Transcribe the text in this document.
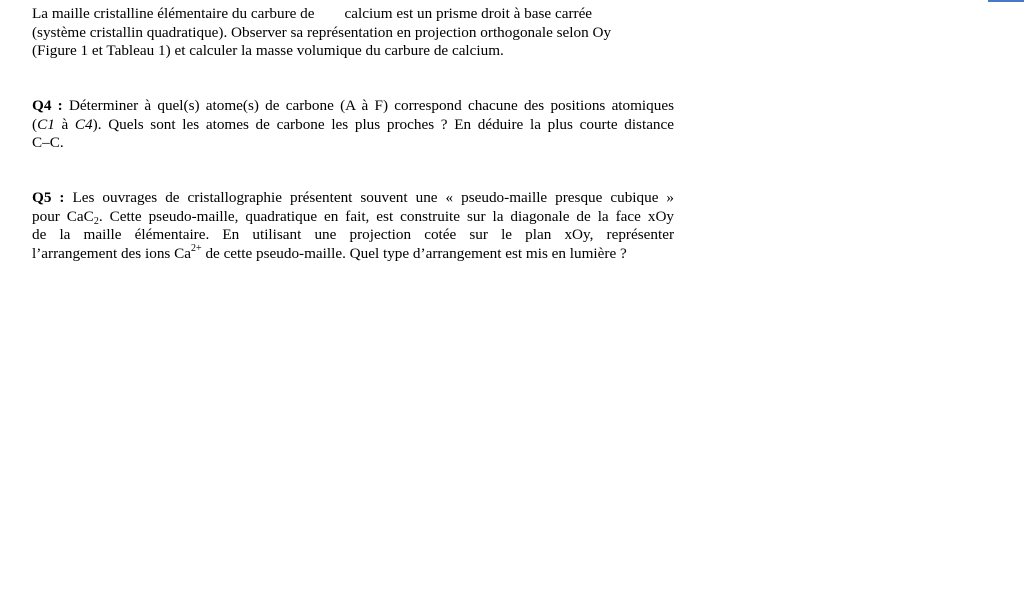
La maille cristalline élémentaire du carbure de calcium est un prisme droit à base carrée
(système cristallin quadratique). Observer sa représentation en projection orthogonale selon Oy
(Figure 1 et Tableau 1) et calculer la masse volumique du carbure de calcium.
Q4 : Déterminer à quel(s) atome(s) de carbone (A à F) correspond chacune des positions atomiques
(C1 à C4). Quels sont les atomes de carbone les plus proches ? En déduire la plus courte distance
C–C.
Q5 : Les ouvrages de cristallographie présentent souvent une « pseudo-maille presque cubique »
pour CaC$_2$. Cette pseudo-maille, quadratique en fait, est construite sur la diagonale de la face xOy
de la maille élémentaire. En utilisant une projection cotée sur le plan xOy, représenter
l’arrangement des ions $Ca^{2+}$ de cette pseudo-maille. Quel type d’arrangement est mis en lumière ?
